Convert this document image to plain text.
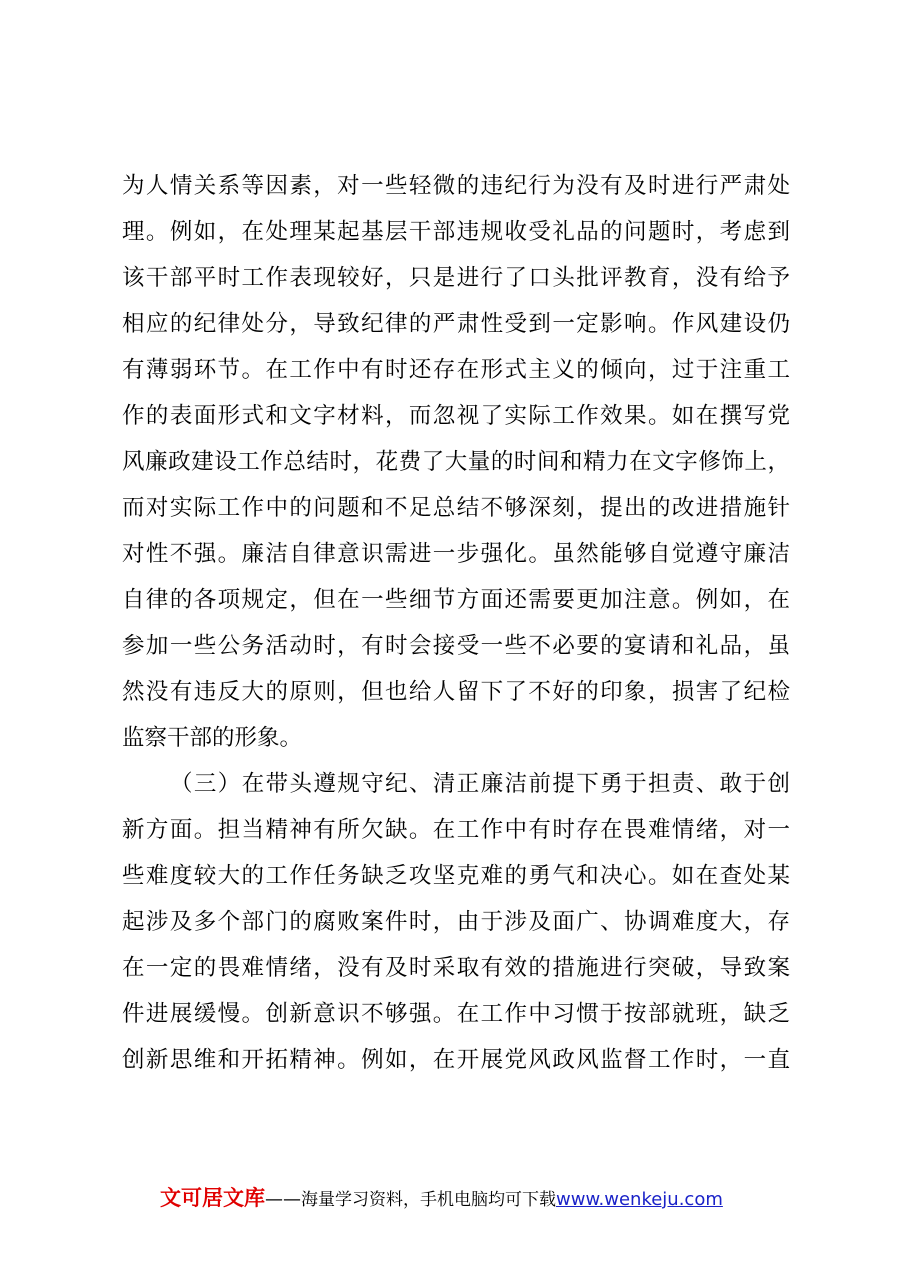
为人情关系等因素，对一些轻微的违纪行为没有及时进行严肃处
理。例如，在处理某起基层干部违规收受礼品的问题时，考虑到
该干部平时工作表现较好，只是进行了口头批评教育，没有给予
相应的纪律处分，导致纪律的严肃性受到一定影响。作风建设仍
有薄弱环节。在工作中有时还存在形式主义的倾向，过于注重工
作的表面形式和文字材料，而忽视了实际工作效果。如在撰写党
风廉政建设工作总结时，花费了大量的时间和精力在文字修饰上，
而对实际工作中的问题和不足总结不够深刻，提出的改进措施针
对性不强。廉洁自律意识需进一步强化。虽然能够自觉遵守廉洁
自律的各项规定，但在一些细节方面还需要更加注意。例如，在
参加一些公务活动时，有时会接受一些不必要的宴请和礼品，虽
然没有违反大的原则，但也给人留下了不好的印象，损害了纪检
监察干部的形象。
（三）在带头遵规守纪、清正廉洁前提下勇于担责、敢于创
新方面。担当精神有所欠缺。在工作中有时存在畏难情绪，对一
些难度较大的工作任务缺乏攻坚克难的勇气和决心。如在查处某
起涉及多个部门的腐败案件时，由于涉及面广、协调难度大，存
在一定的畏难情绪，没有及时采取有效的措施进行突破，导致案
件进展缓慢。创新意识不够强。在工作中习惯于按部就班，缺乏
创新思维和开拓精神。例如，在开展党风政风监督工作时，一直
文可居文库——海量学习资料，手机电脑均可下载www.wenkeju.com
